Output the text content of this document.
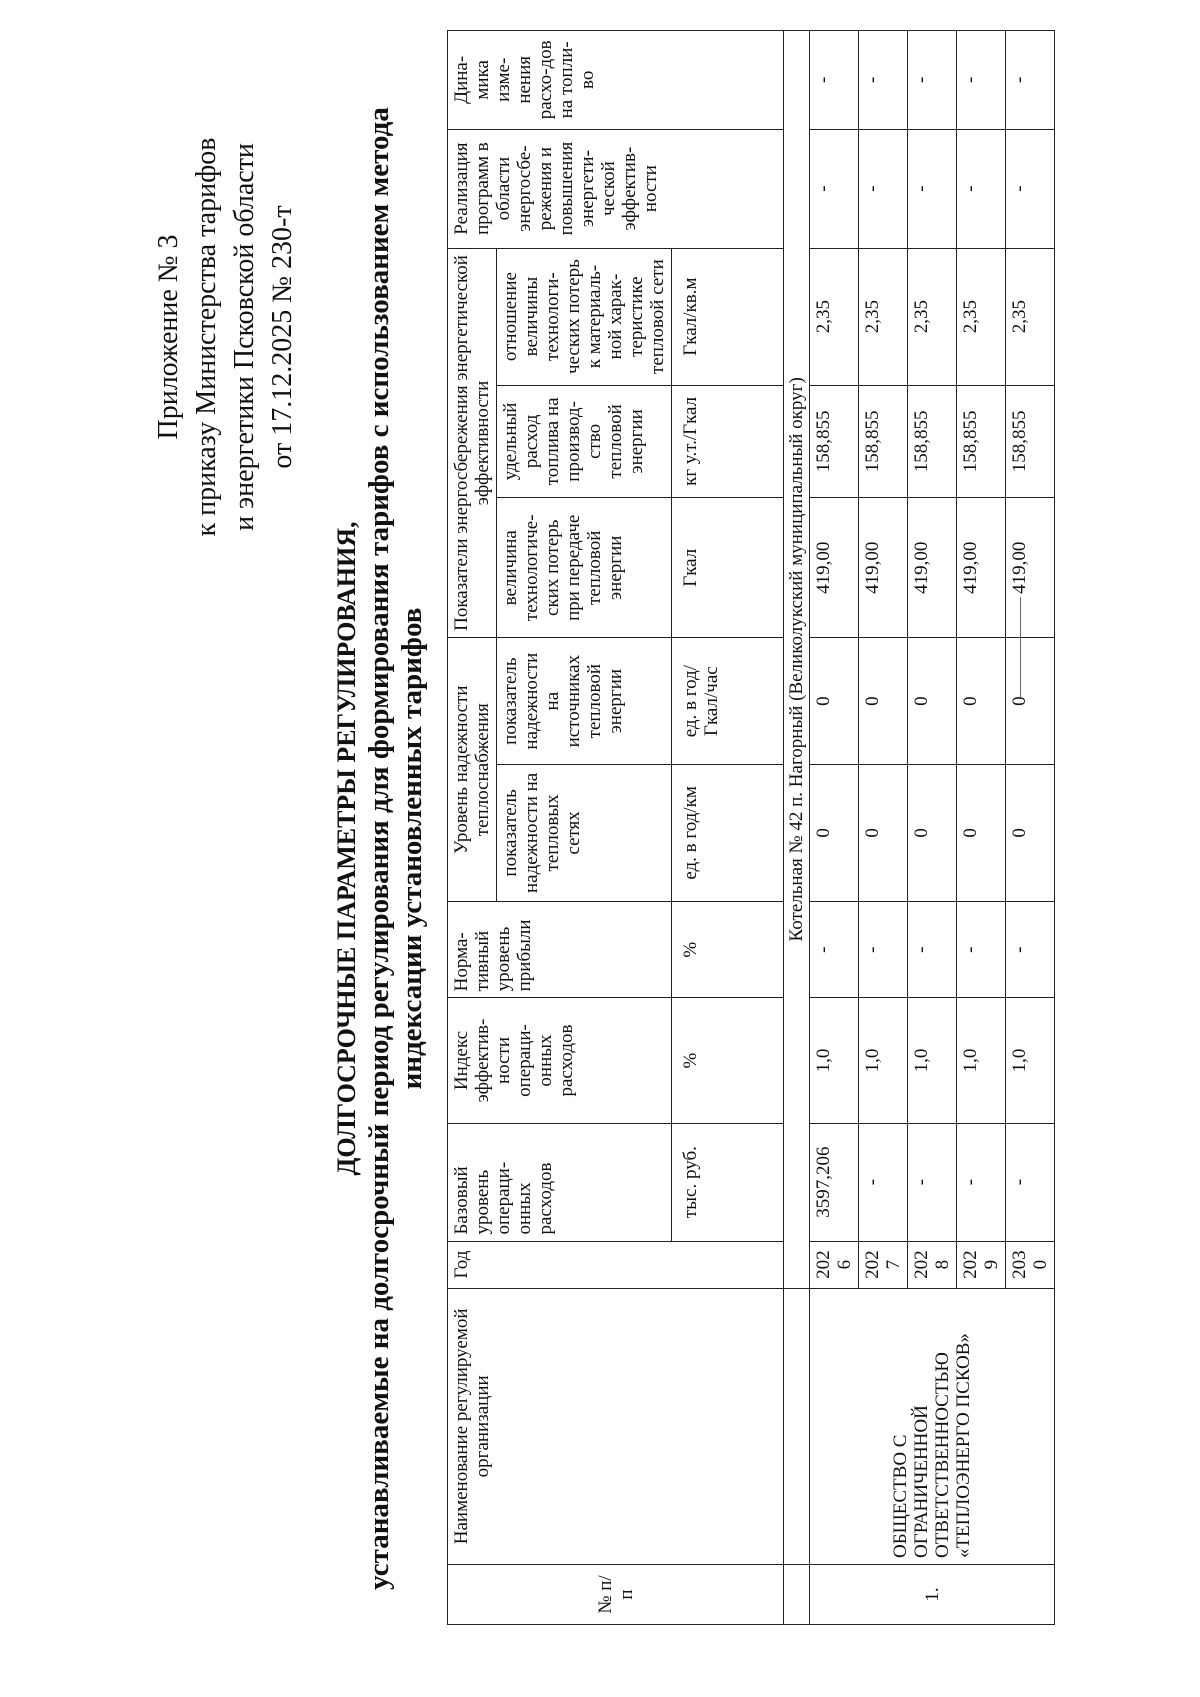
Приложение № 3 к приказу Министерства тарифов и энергетики Псковской области от 17.12.2025 № 230-т
ДОЛГОСРОЧНЫЕ ПАРАМЕТРЫ РЕГУЛИРОВАНИЯ, устанавливаемые на долгосрочный период регулирования для формирования тарифов с использованием метода индексации установленных тарифов
№ п/п	Наименование регулируемой организации	Год	Базовый уровень операци-онных расходов	Индекс эффектив-ности операци-онных расходов	Норма-тивный уровень прибыли	Уровень надежности теплоснабжения		Показатели энергосбережения энергетической эффективности			Реализация программ в области энергосбе-режения и повышения энергети-ческой эффектив-ности	Дина-мика изме-нения расхо-дов на топли-во
						показатель надежности на тепловых сетях	показатель надежности на источниках тепловой энергии	величина технологиче-ских потерь при передаче тепловой энергии	удельный расход топлива на производ-ство тепловой энергии	отношение величины технологи-ческих потерь к материаль-ной харак-теристике тепловой сети		
			тыс. руб.	%	%	ед. в год/км	ед. в год/Гкал/час	Гкал	кг у.т./Гкал	Гкал/кв.м		
		Котельная № 42 п. Нагорный (Великолукский муниципальный округ)										
1.	ОБЩЕСТВО С ОГРАНИЧЕННОЙ ОТВЕТСТВЕННОСТЬЮ «ТЕПЛОЭНЕРГО ПСКОВ»	2026	3597,206	1,0	-	0	0	419,00	158,855	2,35	-	-
		2027	-	1,0	-	0	0	419,00	158,855	2,35	-	-
		2028	-	1,0	-	0	0	419,00	158,855	2,35	-	-
		2029	-	1,0	-	0	0	419,00	158,855	2,35	-	-
		2030	-	1,0	-	0	0	419,00	158,855	2,35	-	-
